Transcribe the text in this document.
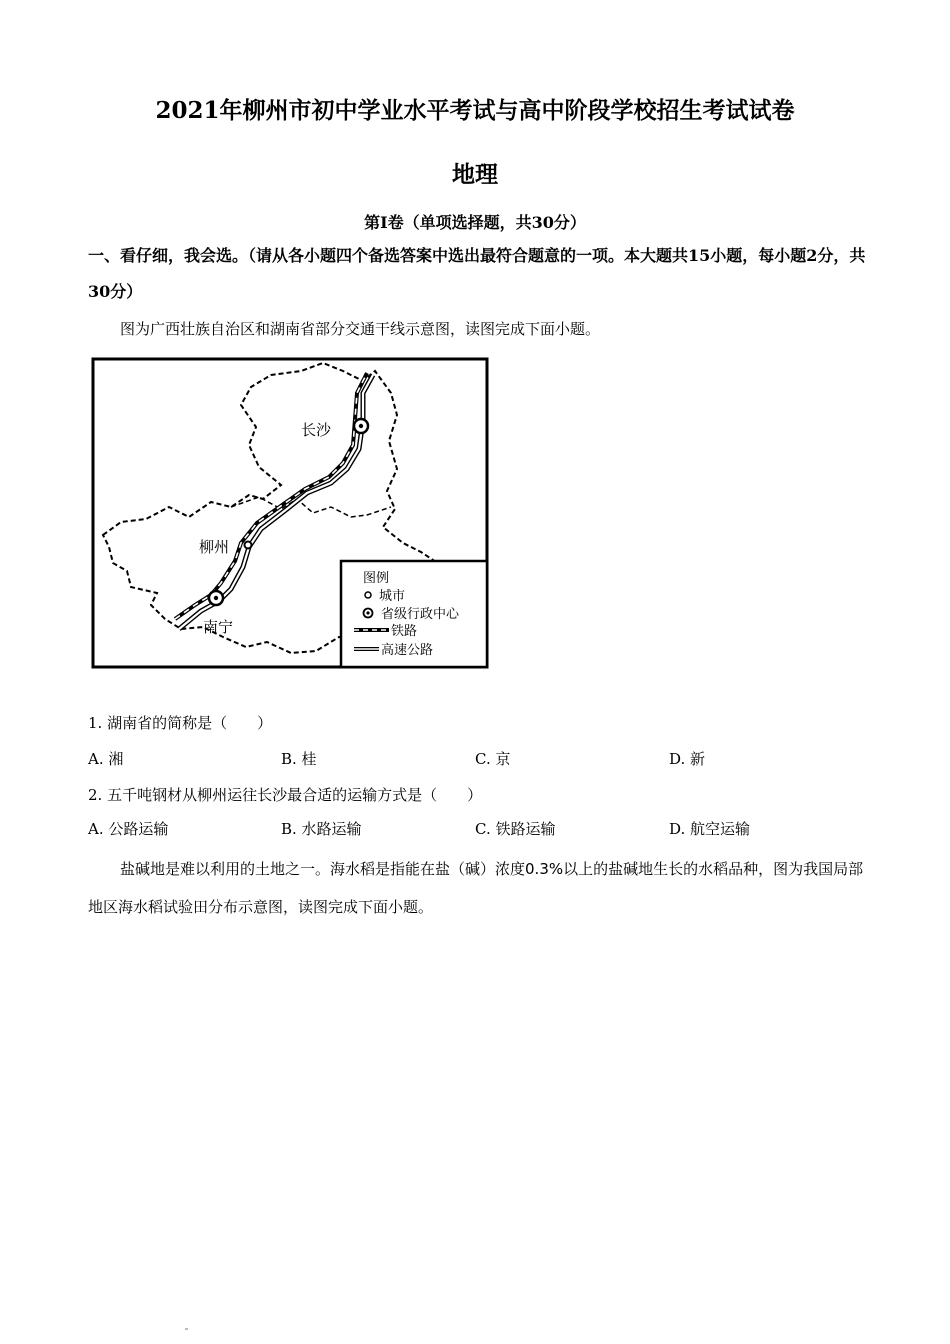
2021年柳州市初中学业水平考试与高中阶段学校招生考试试卷
地理
第Ⅰ卷（单项选择题，共30分）
一、看仔细，我会选。（请从各小题四个备选答案中选出最符合题意的一项。本大题共15小题，每小题2分，共30分）
图为广西壮族自治区和湖南省部分交通干线示意图，读图完成下面小题。
长沙
柳州
南宁
图例
城市
省级行政中心
铁路
高速公路
1. 湖南省的简称是（　　）
A. 湘	B. 桂	C. 京	D. 新
2. 五千吨钢材从柳州运往长沙最合适的运输方式是（　　）
A. 公路运输	B. 水路运输	C. 铁路运输	D. 航空运输
盐碱地是难以利用的土地之一。海水稻是指能在盐（碱）浓度0.3%以上的盐碱地生长的水稻品种，图为我国局部地区海水稻试验田分布示意图，读图完成下面小题。
